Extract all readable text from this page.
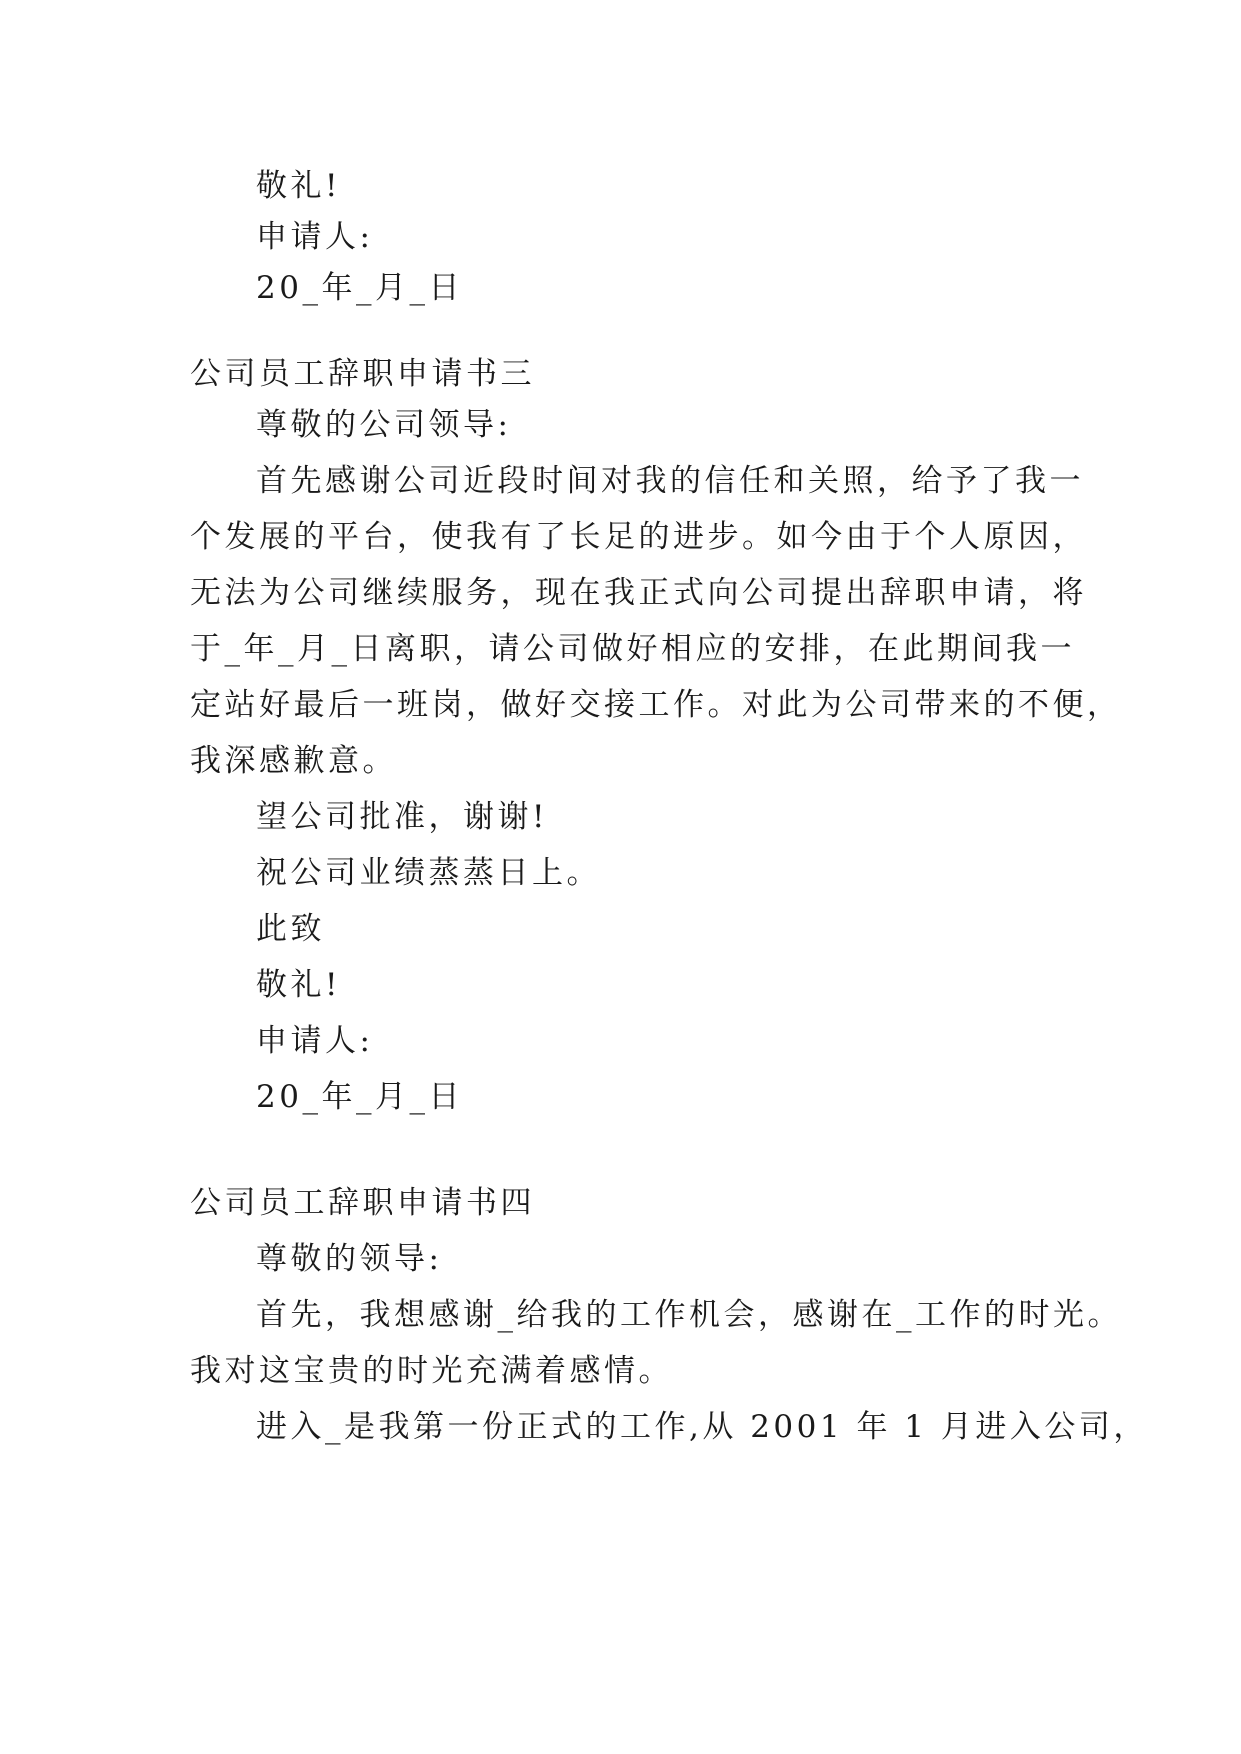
敬礼!
申请人:
20_年_月_日
公司员工辞职申请书三
尊敬的公司领导:
首先感谢公司近段时间对我的信任和关照，给予了我一
个发展的平台，使我有了长足的进步。如今由于个人原因，
无法为公司继续服务，现在我正式向公司提出辞职申请，将
于_年_月_日离职，请公司做好相应的安排，在此期间我一
定站好最后一班岗，做好交接工作。对此为公司带来的不便，
我深感歉意。
望公司批准，谢谢!
祝公司业绩蒸蒸日上。
此致
敬礼!
申请人:
20_年_月_日
公司员工辞职申请书四
尊敬的领导:
首先，我想感谢_给我的工作机会，感谢在_工作的时光。
我对这宝贵的时光充满着感情。
进入_是我第一份正式的工作,从 2001 年 1 月进入公司，
